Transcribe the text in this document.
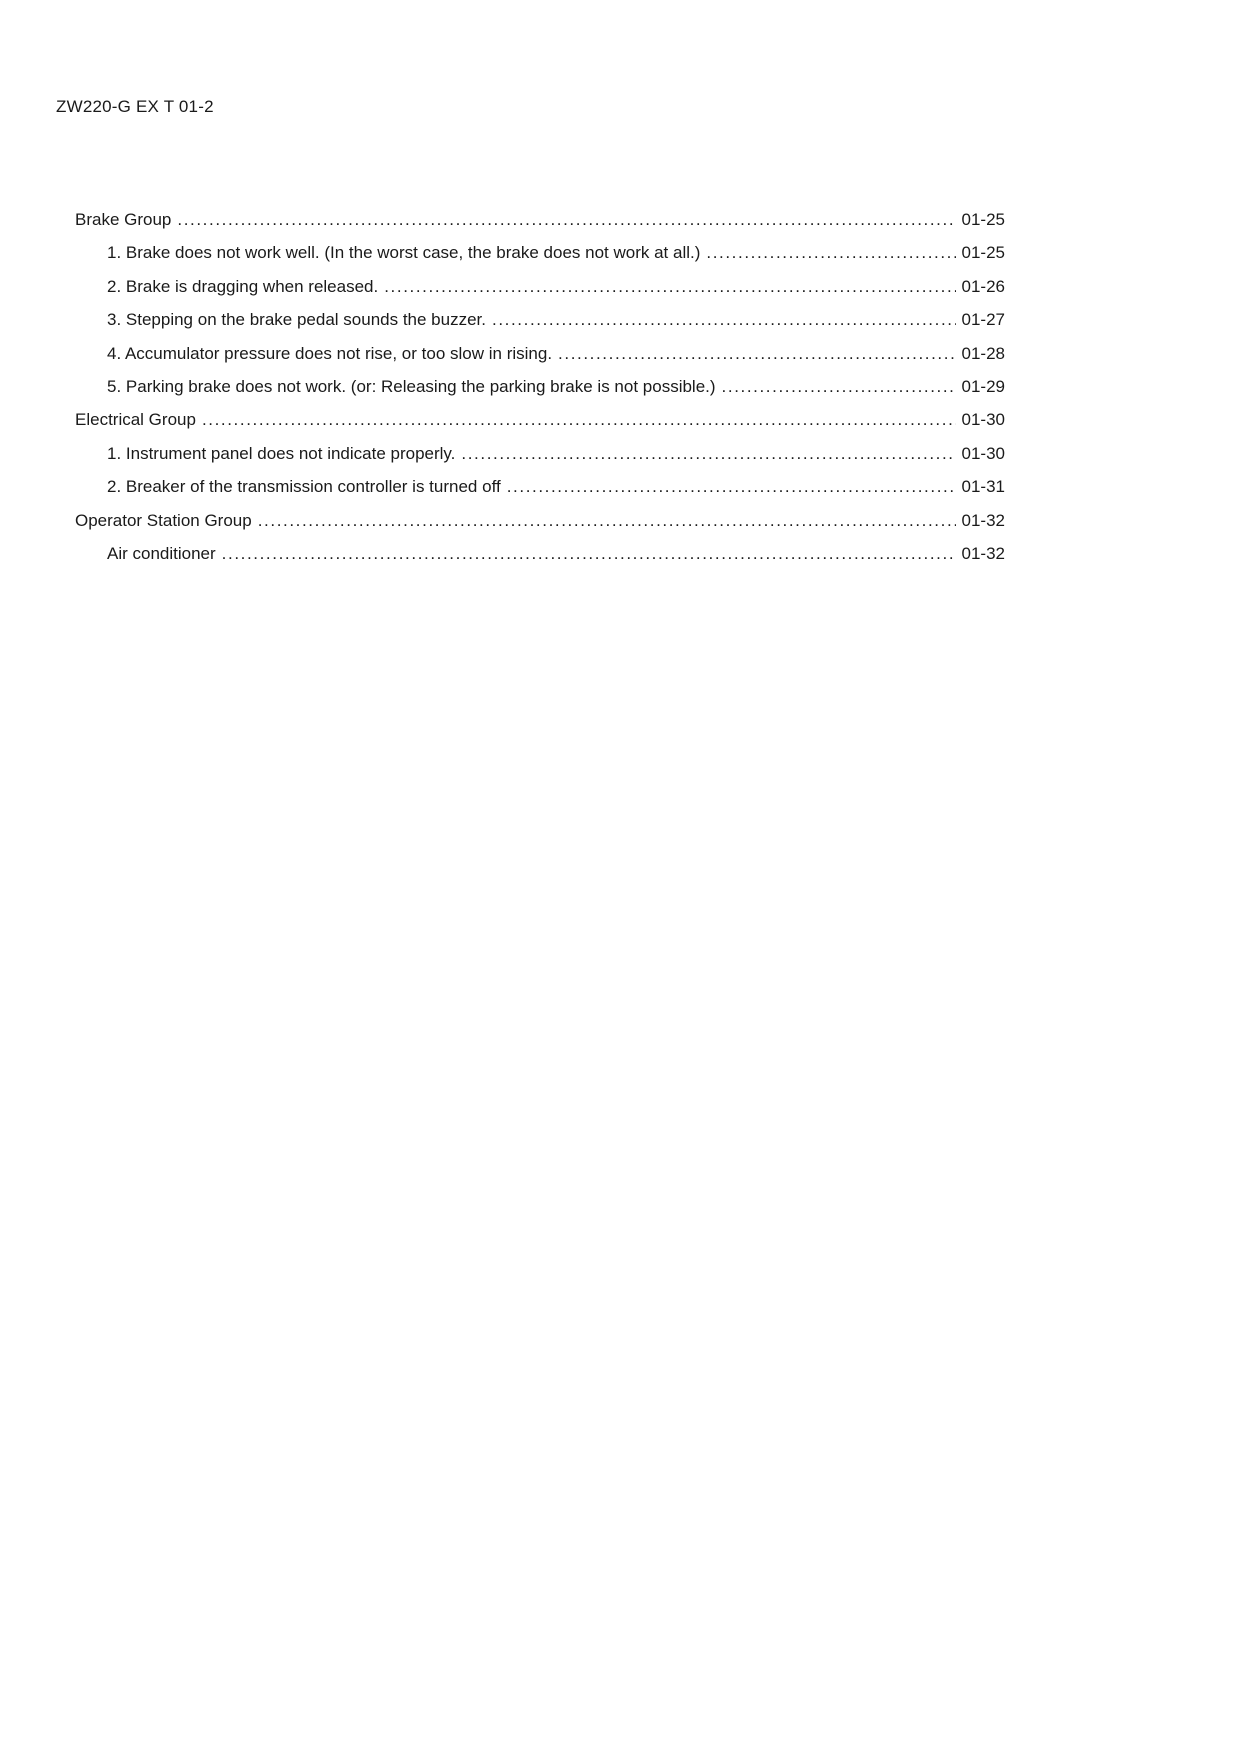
ZW220-G EX T 01-2
Brake Group .....	01-25
1. Brake does not work well. (In the worst case, the brake does not work at all.) .....	01-25
2. Brake is dragging when released. .....	01-26
3. Stepping on the brake pedal sounds the buzzer. .....	01-27
4. Accumulator pressure does not rise, or too slow in rising. .....	01-28
5. Parking brake does not work. (or: Releasing the parking brake is not possible.) .....	01-29
Electrical Group .....	01-30
1. Instrument panel does not indicate properly. .....	01-30
2. Breaker of the transmission controller is turned off .....	01-31
Operator Station Group .....	01-32
Air conditioner .....	01-32
